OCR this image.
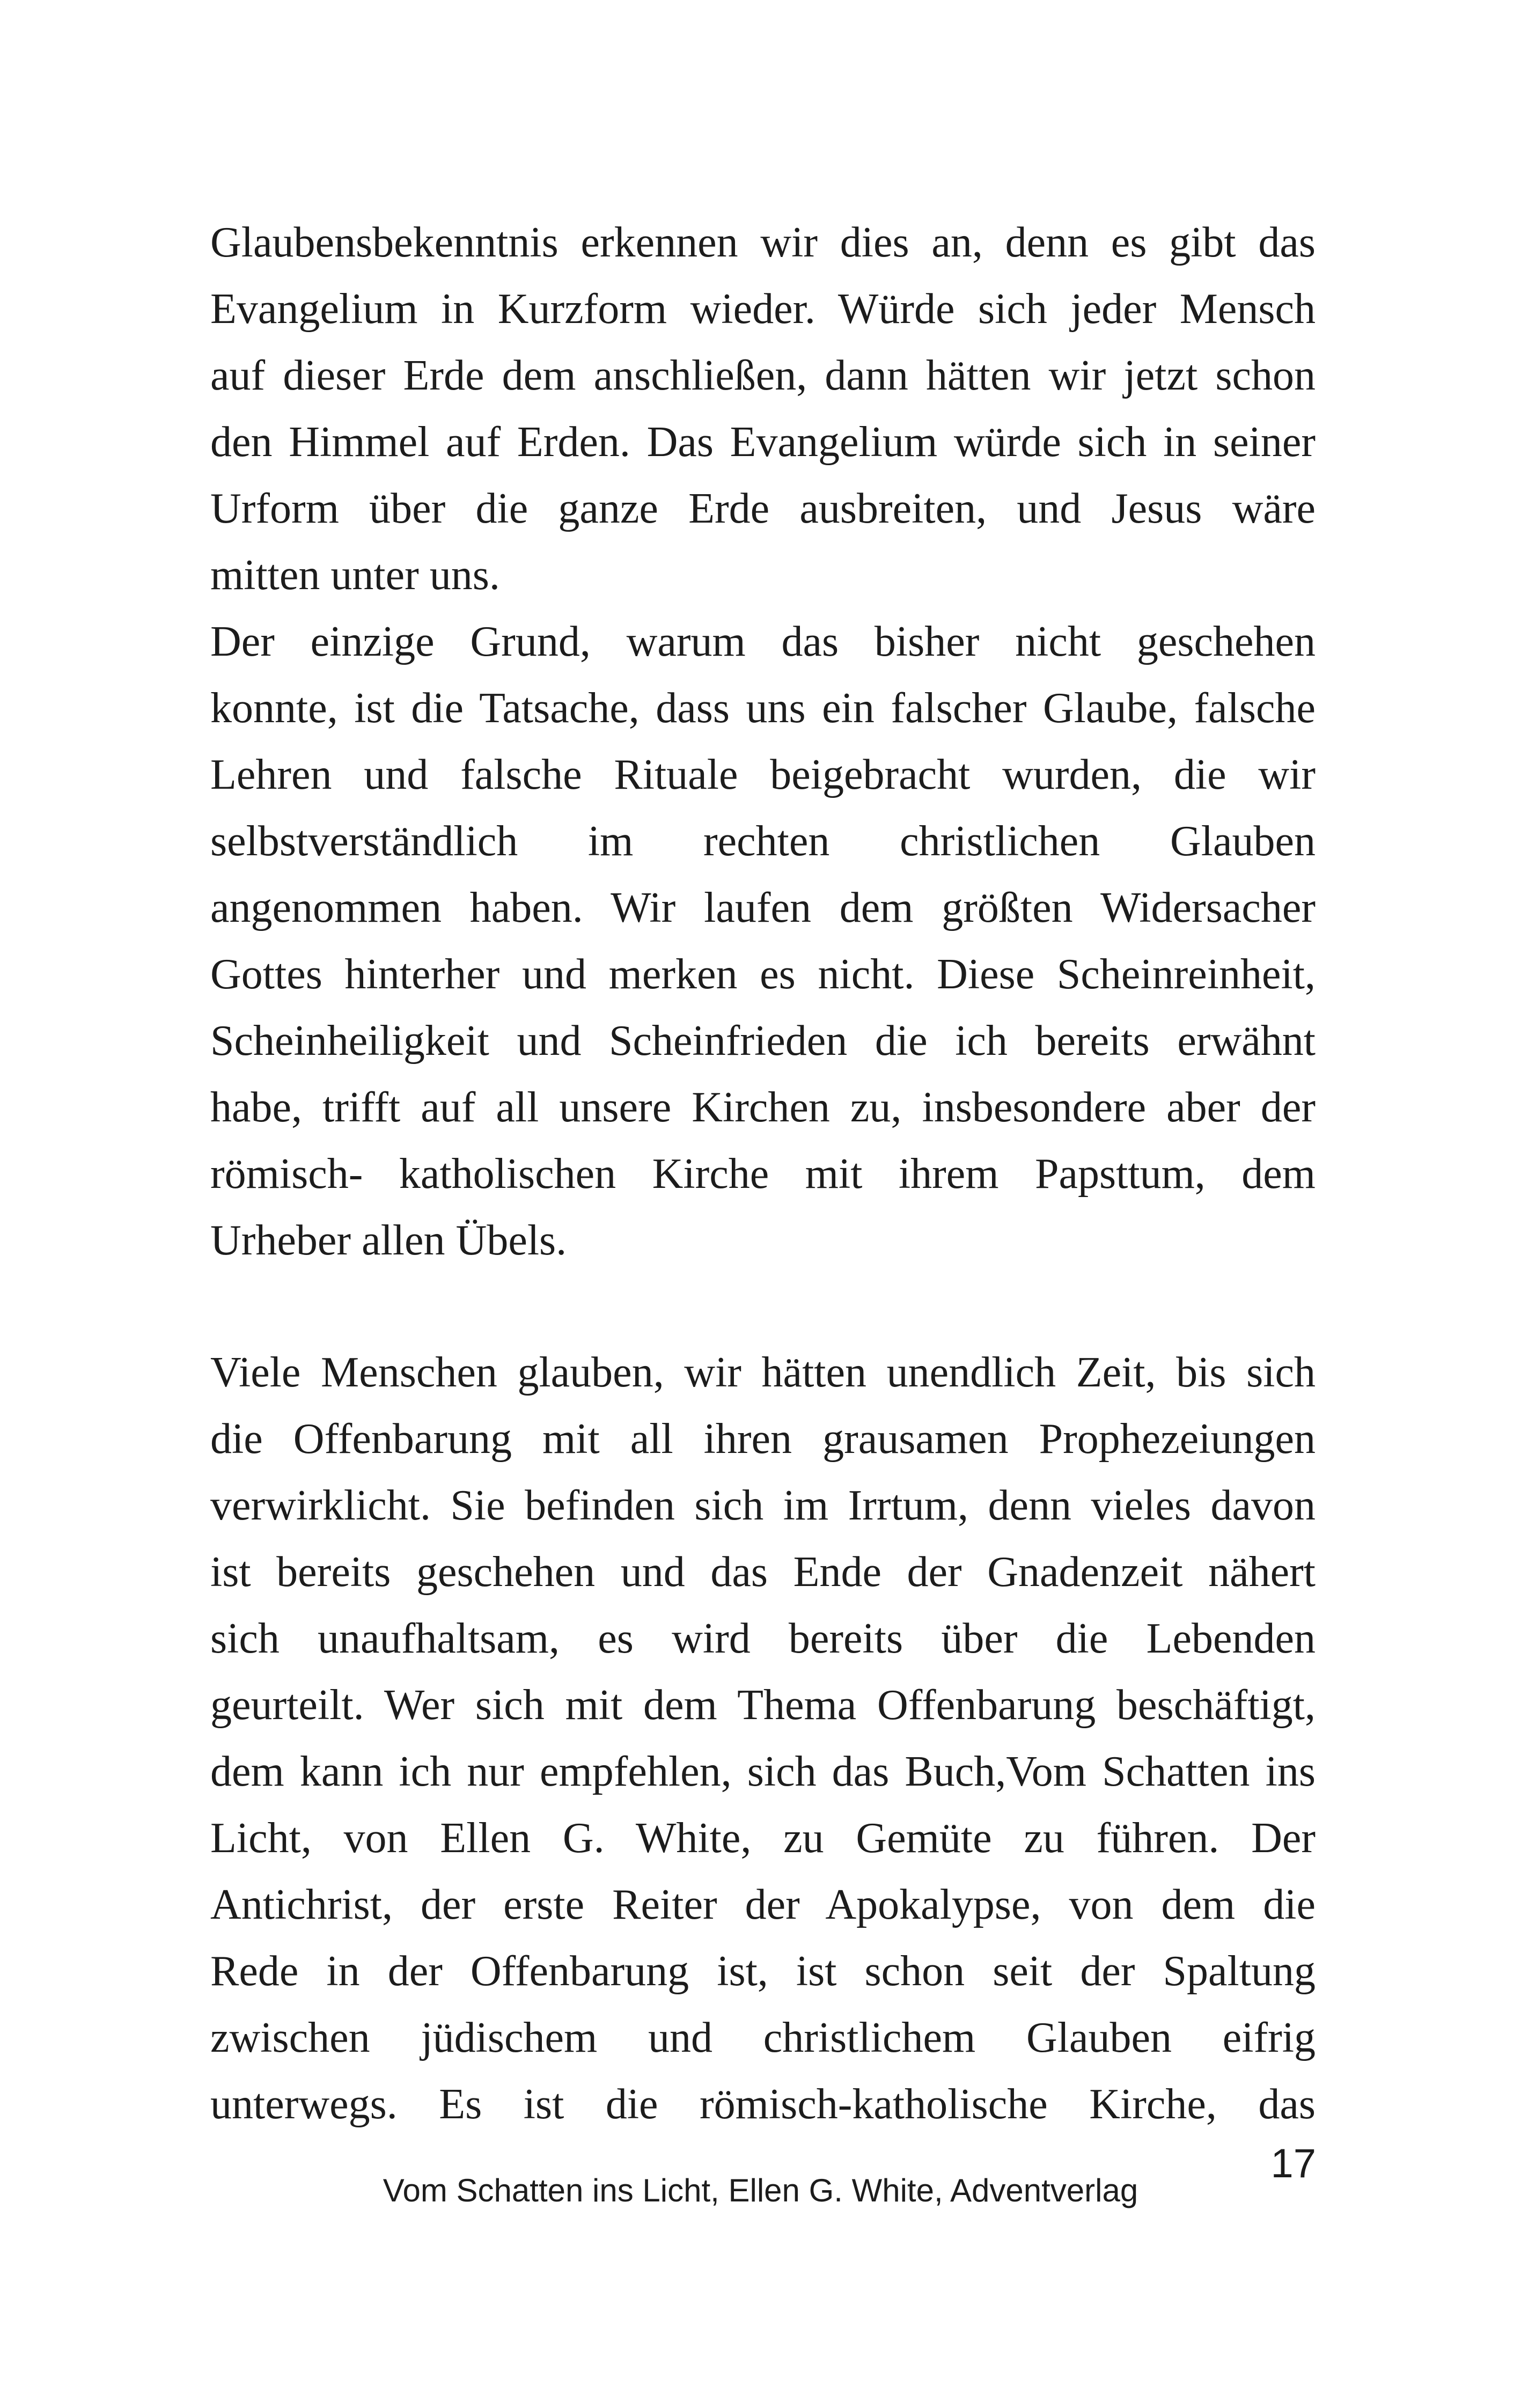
Glaubensbekenntnis erkennen wir dies an, denn es gibt das
Evangelium in Kurzform wieder. Würde sich jeder Mensch
auf dieser Erde dem anschließen, dann hätten wir jetzt schon
den Himmel auf Erden. Das Evangelium würde sich in seiner
Urform über die ganze Erde ausbreiten, und Jesus wäre
mitten unter uns.
Der einzige Grund, warum das bisher nicht geschehen
konnte, ist die Tatsache, dass uns ein falscher Glaube, falsche
Lehren und falsche Rituale beigebracht wurden, die wir
selbstverständlich im rechten christlichen Glauben
angenommen haben. Wir laufen dem größten Widersacher
Gottes hinterher und merken es nicht. Diese Scheinreinheit,
Scheinheiligkeit und Scheinfrieden die ich bereits erwähnt
habe, trifft auf all unsere Kirchen zu, insbesondere aber der
römisch- katholischen Kirche mit ihrem Papsttum, dem
Urheber allen Übels.
Viele Menschen glauben, wir hätten unendlich Zeit, bis sich
die Offenbarung mit all ihren grausamen Prophezeiungen
verwirklicht. Sie befinden sich im Irrtum, denn vieles davon
ist bereits geschehen und das Ende der Gnadenzeit nähert
sich unaufhaltsam, es wird bereits über die Lebenden
geurteilt. Wer sich mit dem Thema Offenbarung beschäftigt,
dem kann ich nur empfehlen, sich das Buch,Vom Schatten ins
Licht, von Ellen G. White, zu Gemüte zu führen. Der
Antichrist, der erste Reiter der Apokalypse, von dem die
Rede in der Offenbarung ist, ist schon seit der Spaltung
zwischen jüdischem und christlichem Glauben eifrig
unterwegs. Es ist die römisch-katholische Kirche, das
17
Vom Schatten ins Licht, Ellen G. White, Adventverlag
